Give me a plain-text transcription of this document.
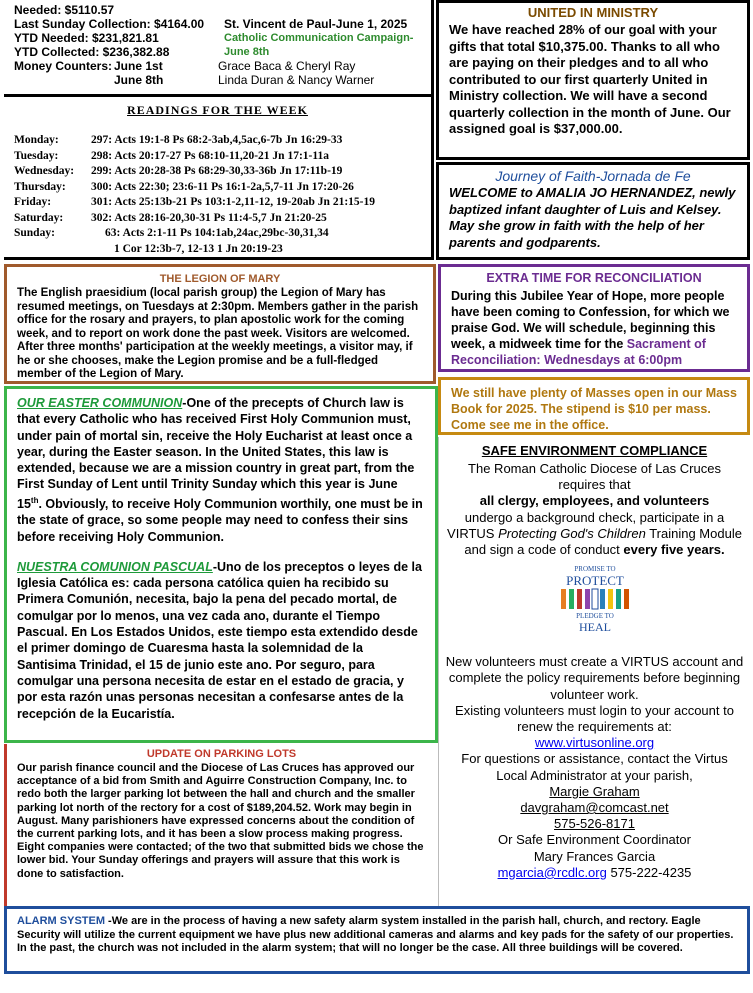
Needed: $5110.57
Last Sunday Collection: $4164.00	St. Vincent de Paul-June 1, 2025
YTD Needed: $231,821.81	Catholic Communication Campaign-
YTD Collected: $236,382.88	June 8th
Money Counters: June 1st	Grace Baca & Cheryl Ray
June 8th	Linda Duran & Nancy Warner
READINGS FOR THE WEEK
Monday:	297: Acts 19:1-8 Ps 68:2-3ab,4,5ac,6-7b Jn 16:29-33
Tuesday:	298: Acts 20:17-27 Ps 68:10-11,20-21 Jn 17:1-11a
Wednesday:	299: Acts 20:28-38 Ps 68:29-30,33-36b Jn 17:11b-19
Thursday:	300: Acts 22:30; 23:6-11 Ps 16:1-2a,5,7-11 Jn 17:20-26
Friday:	301: Acts 25:13b-21 Ps 103:1-2,11-12, 19-20ab Jn 21:15-19
Saturday:	302: Acts 28:16-20,30-31 Ps 11:4-5,7 Jn 21:20-25
Sunday:	63: Acts 2:1-11 Ps 104:1ab,24ac,29bc-30,31,34
1 Cor 12:3b-7, 12-13 1 Jn 20:19-23
UNITED IN MINISTRY

We have reached 28% of our goal with your gifts that total $10,375.00. Thanks to all who are paying on their pledges and to all who contributed to our first quarterly United in Ministry collection. We will have a second quarterly collection in the month of June. Our assigned goal is $37,000.00.

Journey of Faith-Jornada de Fe

WELCOME to AMALIA JO HERNANDEZ, newly baptized infant daughter of Luis and Kelsey. May she grow in faith with the help of her parents and godparents.

THE LEGION OF MARY

The English praesidium (local parish group) the Legion of Mary has resumed meetings, on Tuesdays at 2:30pm. Members gather in the parish office for the rosary and prayers, to plan apostolic work for the coming week, and to report on work done the past week. Visitors are welcomed. After three months' participation at the weekly meetings, a visitor may, if he or she chooses, make the Legion promise and be a full-fledged member of the Legion of Mary.

EXTRA TIME FOR RECONCILIATION

During this Jubilee Year of Hope, more people have been coming to Confession, for which we praise God. We will schedule, beginning this week, a midweek time for the Sacrament of Reconciliation: Wednesdays at 6:00pm

We still have plenty of Masses open in our Mass Book for 2025. The stipend is $10 per mass. Come see me in the office.

OUR EASTER COMMUNION-One of the precepts of Church law is that every Catholic who has received First Holy Communion must, under pain of mortal sin, receive the Holy Eucharist at least once a year, during the Easter season. In the United States, this law is extended, because we are a mission country in great part, from the First Sunday of Lent until Trinity Sunday which this year is June 15th. Obviously, to receive Holy Communion worthily, one must be in the state of grace, so some people may need to confess their sins before receiving Holy Communion.

NUESTRA COMUNION PASCUAL-Uno de los preceptos o leyes de la Iglesia Católica es: cada persona católica quien ha recibido su Primera Comunión, necesita, bajo la pena del pecado mortal, de comulgar por lo menos, una vez cada ano, durante el Tiempo Pascual. En Los Estados Unidos, este tiempo esta extendido desde el primer domingo de Cuaresma hasta la solemnidad de la Santisima Trinidad, el 15 de junio este ano. Por seguro, para comulgar una persona necesita de estar en el estado de gracia, y por esta razón unas personas necesitan a confesarse antes de la recepción de la Eucaristía.

UPDATE ON PARKING LOTS

Our parish finance council and the Diocese of Las Cruces has approved our acceptance of a bid from Smith and Aguirre Construction Company, Inc. to redo both the larger parking lot between the hall and church and the smaller parking lot north of the rectory for a cost of $189,204.52. Work may begin in August. Many parishioners have expressed concerns about the condition of the current parking lots, and it has been a slow process making progress. Eight companies were contacted; of the two that submitted bids we chose the lower bid. Your Sunday offerings and prayers will assure that this work is done to satisfaction.

SAFE ENVIRONMENT COMPLIANCE

The Roman Catholic Diocese of Las Cruces requires that

all clergy, employees, and volunteers

undergo a background check, participate in a VIRTUS Protecting God's Children Training Module and sign a code of conduct every five years.

PROMISE TO
PROTECT
PLEDGE TO
HEAL

New volunteers must create a VIRTUS account and complete the policy requirements before beginning volunteer work.

Existing volunteers must login to your account to renew the requirements at:

www.virtusonline.org

For questions or assistance, contact the Virtus Local Administrator at your parish,

Margie Graham

davgraham@comcast.net

575-526-8171

Or Safe Environment Coordinator

Mary Frances Garcia

mgarcia@rcdlc.org 575-222-4235

ALARM SYSTEM -We are in the process of having a new safety alarm system installed in the parish hall, church, and rectory. Eagle Security will utilize the current equipment we have plus new additional cameras and alarms and key pads for the safety of our properties. In the past, the church was not included in the alarm system; that will no longer be the case. All three buildings will be covered.
